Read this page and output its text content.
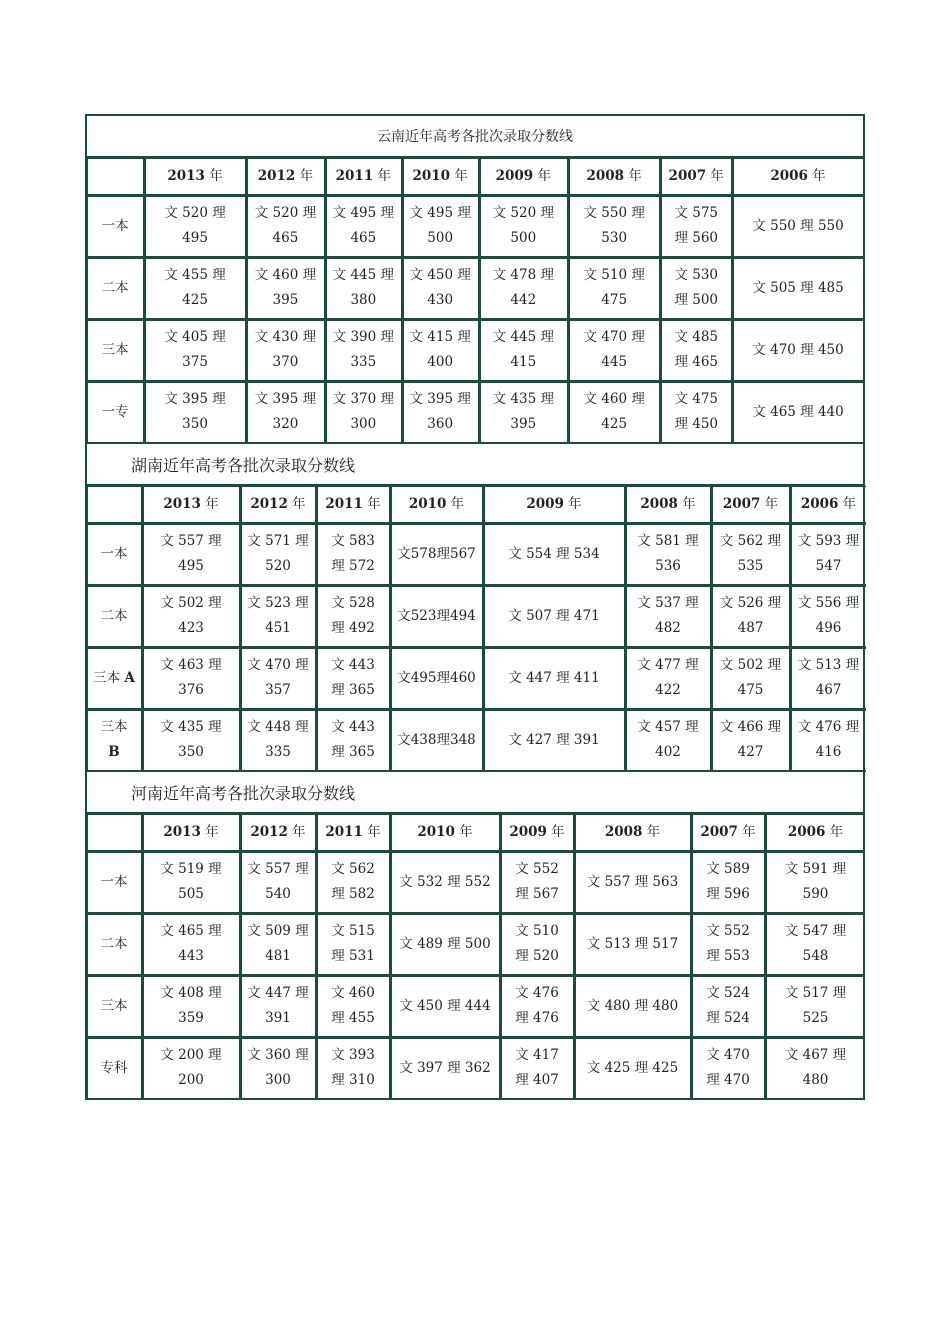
云南近年高考各批次录取分数线
	2013 年	2012 年	2011 年	2010 年	2009 年	2008 年	2007 年	2006 年
一本	文 520 理 495	文 520 理 465	文 495 理 465	文 495 理 500	文 520 理 500	文 550 理 530	文 575 理 560	文 550 理 550
二本	文 455 理 425	文 460 理 395	文 445 理 380	文 450 理 430	文 478 理 442	文 510 理 475	文 530 理 500	文 505 理 485
三本	文 405 理 375	文 430 理 370	文 390 理 335	文 415 理 400	文 445 理 415	文 470 理 445	文 485 理 465	文 470 理 450
一专	文 395 理 350	文 395 理 320	文 370 理 300	文 395 理 360	文 435 理 395	文 460 理 425	文 475 理 450	文 465 理 440
湖南近年高考各批次录取分数线
	2013 年	2012 年	2011 年	2010 年	2009 年	2008 年	2007 年	2006 年
一本	文 557 理 495	文 571 理 520	文 583 理 572	文578理567	文 554 理 534	文 581 理 536	文 562 理 535	文 593 理 547
二本	文 502 理 423	文 523 理 451	文 528 理 492	文523理494	文 507 理 471	文 537 理 482	文 526 理 487	文 556 理 496
三本 A	文 463 理 376	文 470 理 357	文 443 理 365	文495理460	文 447 理 411	文 477 理 422	文 502 理 475	文 513 理 467
三本 B	文 435 理 350	文 448 理 335	文 443 理 365	文438理348	文 427 理 391	文 457 理 402	文 466 理 427	文 476 理 416
河南近年高考各批次录取分数线
	2013 年	2012 年	2011 年	2010 年	2009 年	2008 年	2007 年	2006 年
一本	文 519 理 505	文 557 理 540	文 562 理 582	文 532 理 552	文 552 理 567	文 557 理 563	文 589 理 596	文 591 理 590
二本	文 465 理 443	文 509 理 481	文 515 理 531	文 489 理 500	文 510 理 520	文 513 理 517	文 552 理 553	文 547 理 548
三本	文 408 理 359	文 447 理 391	文 460 理 455	文 450 理 444	文 476 理 476	文 480 理 480	文 524 理 524	文 517 理 525
专科	文 200 理 200	文 360 理 300	文 393 理 310	文 397 理 362	文 417 理 407	文 425 理 425	文 470 理 470	文 467 理 480
